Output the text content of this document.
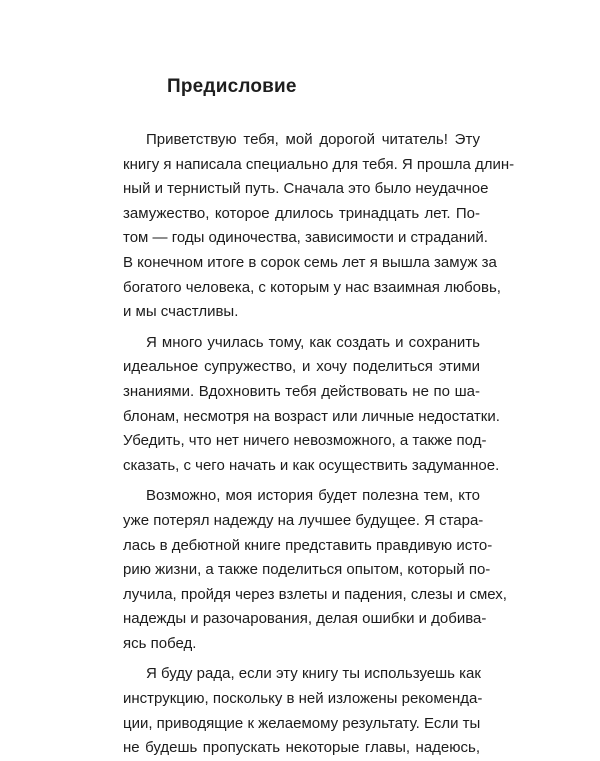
Предисловие
Приветствую тебя, мой дорогой читатель! Эту
книгу я написала специально для тебя. Я прошла длин-
ный и тернистый путь. Сначала это было неудачное
замужество, которое длилось тринадцать лет. По-
том — годы одиночества, зависимости и страданий.
В конечном итоге в сорок семь лет я вышла замуж за
богатого человека, с которым у нас взаимная любовь,
и мы счастливы.
Я много училась тому, как создать и сохранить
идеальное супружество, и хочу поделиться этими
знаниями. Вдохновить тебя действовать не по ша-
блонам, несмотря на возраст или личные недостатки.
Убедить, что нет ничего невозможного, а также под-
сказать, с чего начать и как осуществить задуманное.
Возможно, моя история будет полезна тем, кто
уже потерял надежду на лучшее будущее. Я стара-
лась в дебютной книге представить правдивую исто-
рию жизни, а также поделиться опытом, который по-
лучила, пройдя через взлеты и падения, слезы и смех,
надежды и разочарования, делая ошибки и добива-
ясь побед.
Я буду рада, если эту книгу ты используешь как
инструкцию, поскольку в ней изложены рекоменда-
ции, приводящие к желаемому результату. Если ты
не будешь пропускать некоторые главы, надеюсь,
